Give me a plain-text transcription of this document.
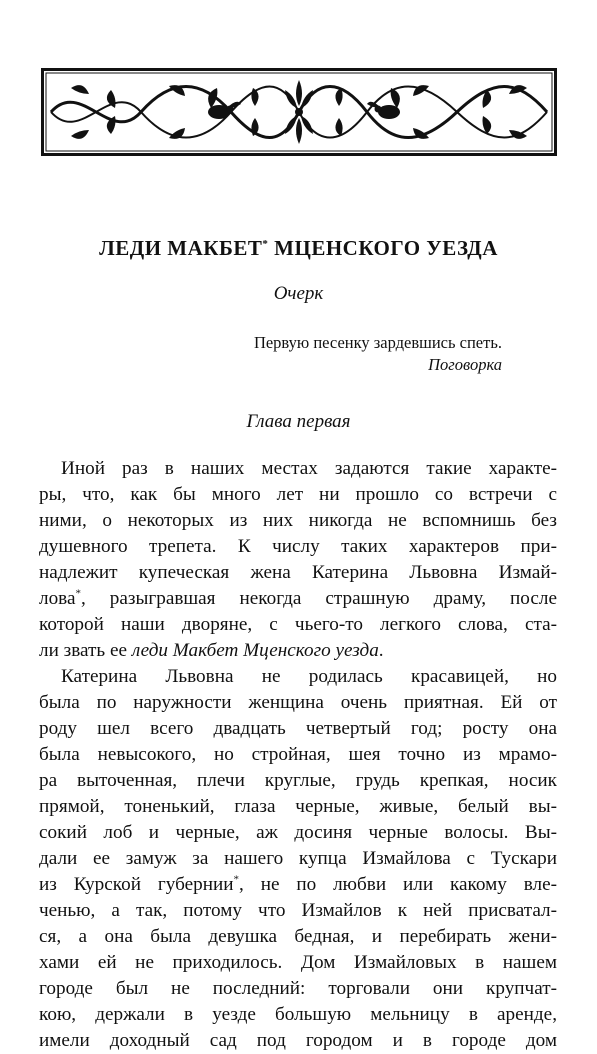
ЛЕДИ МАКБЕТ* МЦЕНСКОГО УЕЗДА
Очерк
Первую песенку зардевшись спеть.
Поговорка
Глава первая
Иной раз в наших местах задаются такие характе-
ры, что, как бы много лет ни прошло со встречи с
ними, о некоторых из них никогда не вспомнишь без
душевного трепета. К числу таких характеров при-
надлежит купеческая жена Катерина Львовна Измай-
лова*, разыгравшая некогда страшную драму, после
которой наши дворяне, с чьего-то легкого слова, ста-
ли звать ее леди Макбет Мценского уезда.
Катерина Львовна не родилась красавицей, но
была по наружности женщина очень приятная. Ей от
роду шел всего двадцать четвертый год; росту она
была невысокого, но стройная, шея точно из мрамо-
ра выточенная, плечи круглые, грудь крепкая, носик
прямой, тоненький, глаза черные, живые, белый вы-
сокий лоб и черные, аж досиня черные волосы. Вы-
дали ее замуж за нашего купца Измайлова с Тускари
из Курской губернии*, не по любви или какому вле-
ченью, а так, потому что Измайлов к ней присватал-
ся, а она была девушка бедная, и перебирать жени-
хами ей не приходилось. Дом Измайловых в нашем
городе был не последний: торговали они крупчат-
кою, держали в уезде большую мельницу в аренде,
имели доходный сад под городом и в городе дом
